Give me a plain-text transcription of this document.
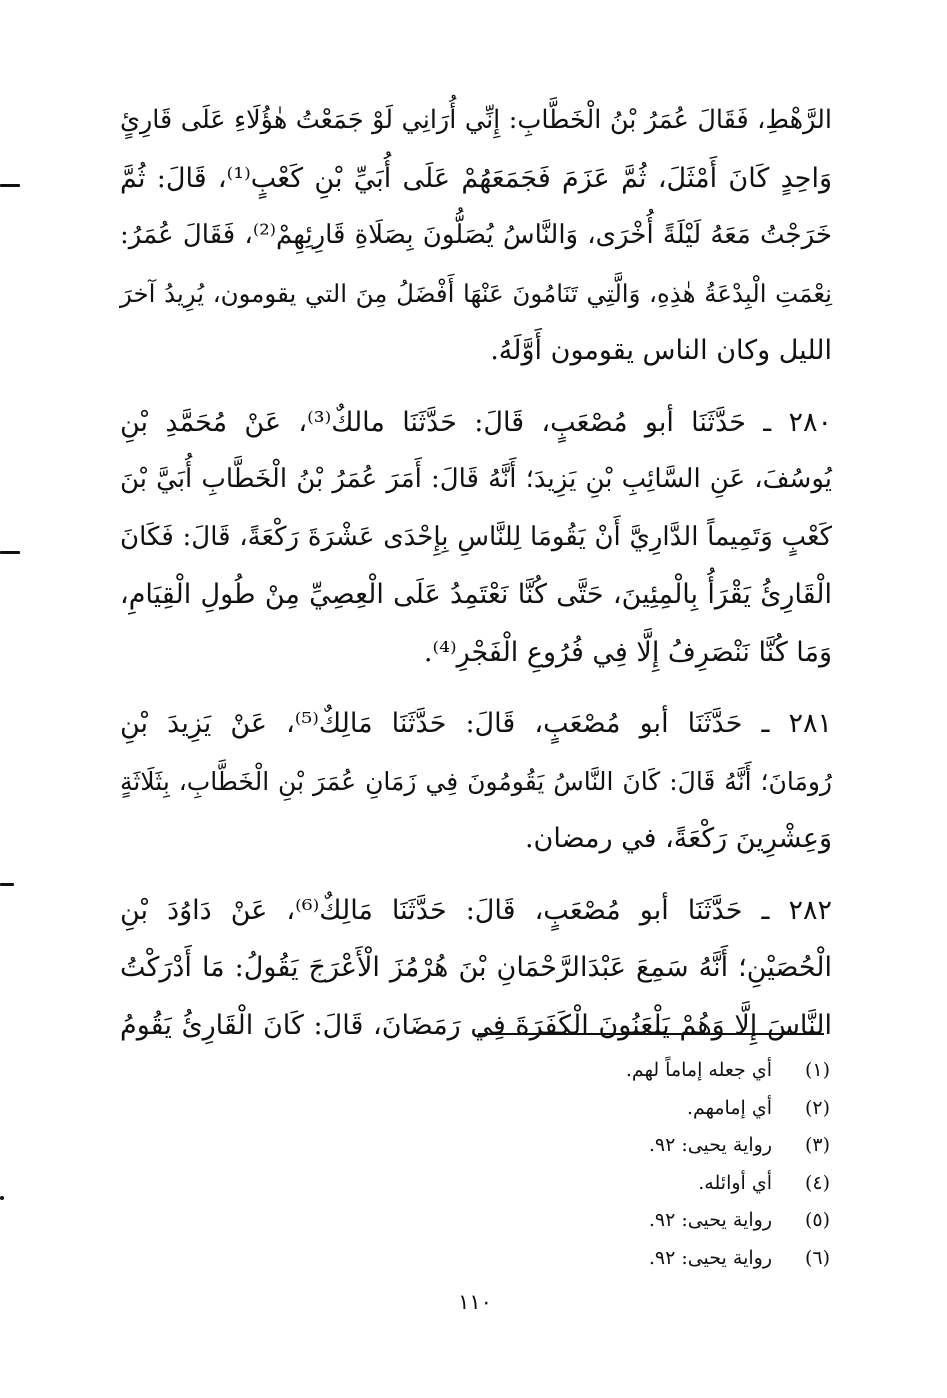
الرَّهْطِ، فَقَالَ عُمَرُ بْنُ الْخَطَّابِ: إِنِّي أُرَانِي لَوْ جَمَعْتُ هٰؤُلَاءِ عَلَى قَارِئٍ
وَاحِدٍ كَانَ أَمْثَلَ، ثُمَّ عَزَمَ فَجَمَعَهُمْ عَلَى أُبَيِّ بْنِ كَعْبٍ⁽¹⁾، قَالَ: ثُمَّ
خَرَجْتُ مَعَهُ لَيْلَةً أُخْرَى، وَالنَّاسُ يُصَلُّونَ بِصَلَاةِ قَارِئِهِمْ⁽²⁾، فَقَالَ عُمَرُ:
نِعْمَتِ الْبِدْعَةُ هٰذِهِ، وَالَّتِي تَنَامُونَ عَنْهَا أَفْضَلُ مِنَ التي يقومون، يُرِيدُ آخرَ
الليل وكان الناس يقومون أَوَّلَهُ.
٢٨٠ ـ حَدَّثَنَا أبو مُصْعَبٍ، قَالَ: حَدَّثَنَا مالكٌ⁽³⁾، عَنْ مُحَمَّدِ بْنِ
يُوسُفَ، عَنِ السَّائِبِ بْنِ يَزِيدَ؛ أَنَّهُ قَالَ: أَمَرَ عُمَرُ بْنُ الْخَطَّابِ أُبَيَّ بْنَ
كَعْبٍ وَتَمِيماً الدَّارِيَّ أَنْ يَقُومَا لِلنَّاسِ بِإِحْدَى عَشْرَةَ رَكْعَةً، قَالَ: فَكَانَ
الْقَارِئُ يَقْرَأُ بِالْمِئِينَ، حَتَّى كُنَّا نَعْتَمِدُ عَلَى الْعِصِيِّ مِنْ طُولِ الْقِيَامِ،
وَمَا كُنَّا نَنْصَرِفُ إِلَّا فِي فُرُوعِ الْفَجْرِ⁽⁴⁾.
٢٨١ ـ حَدَّثَنَا أبو مُصْعَبٍ، قَالَ: حَدَّثَنَا مَالِكٌ⁽⁵⁾، عَنْ يَزِيدَ بْنِ
رُومَانَ؛ أَنَّهُ قَالَ: كَانَ النَّاسُ يَقُومُونَ فِي زَمَانِ عُمَرَ بْنِ الْخَطَّابِ، بِثَلَاثَةٍ
وَعِشْرِينَ رَكْعَةً، في رمضان.
٢٨٢ ـ حَدَّثَنَا أبو مُصْعَبٍ، قَالَ: حَدَّثَنَا مَالِكٌ⁽⁶⁾، عَنْ دَاوُدَ بْنِ
الْحُصَيْنِ؛ أَنَّهُ سَمِعَ عَبْدَالرَّحْمَانِ بْنَ هُرْمُزَ الْأَعْرَجَ يَقُولُ: مَا أَدْرَكْتُ
النَّاسَ إِلَّا وَهُمْ يَلْعَنُونَ الْكَفَرَةَ فِي رَمَضَانَ، قَالَ: كَانَ الْقَارِئُ يَقُومُ
(١)
أي جعله إماماً لهم.
(٢)
أي إمامهم.
(٣)
رواية يحيى: ٩٢.
(٤)
أي أوائله.
(٥)
رواية يحيى: ٩٢.
(٦)
رواية يحيى: ٩٢.
١١٠
